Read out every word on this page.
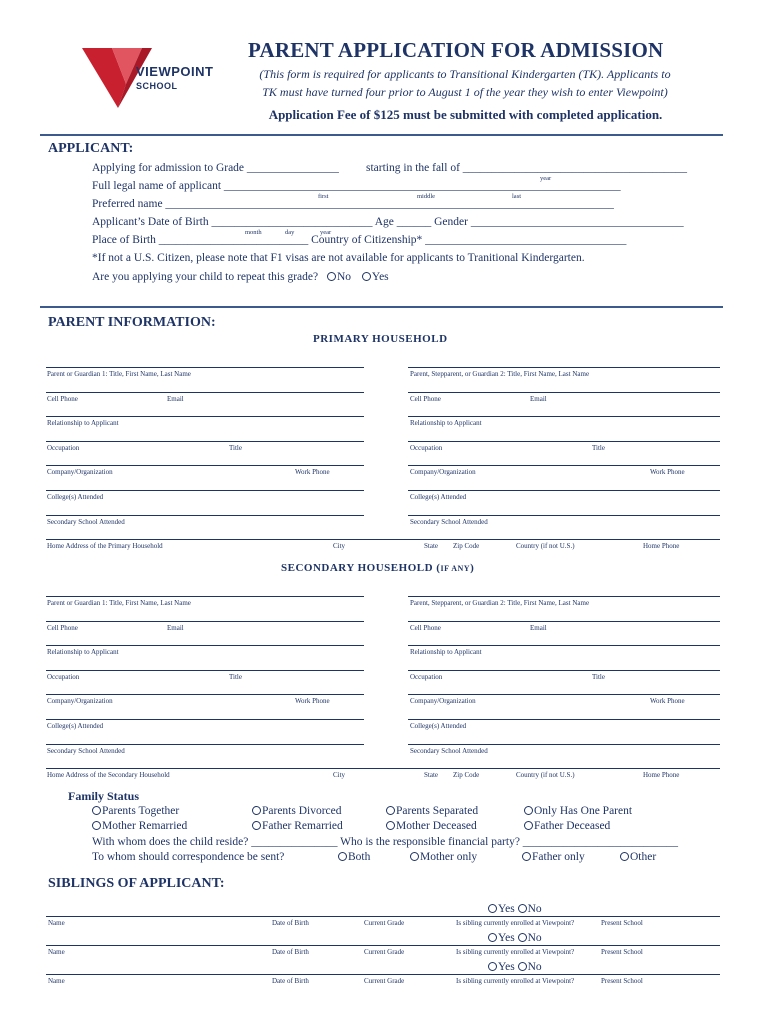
VIEWPOINT
SCHOOL
PARENT APPLICATION FOR ADMISSION
(This form is required for applicants to Transitional Kindergarten (TK). Applicants to
TK must have turned four prior to August 1 of the year they wish to enter Viewpoint)
Application Fee of $125 must be submitted with completed application.
APPLICANT:
Applying for admission to Grade ________________ starting in the fall of _______________________________________
year
Full legal name of applicant _____________________________________________________________________
first	middle	last
Preferred name ______________________________________________________________________________
Applicant’s Date of Birth ____________________________ Age ______ Gender _____________________________________
month	day	year
Place of Birth __________________________ Country of Citizenship* ___________________________________
*If not a U.S. Citizen, please note that F1 visas are not available for applicants to Tranitional Kindergarten.
Are you applying your child to repeat this grade? No Yes
PARENT INFORMATION:
PRIMARY HOUSEHOLD
Parent or Guardian 1: Title, First Name, Last Name	Parent, Stepparent, or Guardian 2: Title, First Name, Last Name
Cell Phone	Email	Cell Phone	Email
Relationship to Applicant	Relationship to Applicant
Occupation	Title	Occupation	Title
Company/Organization	Work Phone	Company/Organization	Work Phone
College(s) Attended	College(s) Attended
Secondary School Attended	Secondary School Attended
Home Address of the Primary Household	City	State Zip Code	Country (if not U.S.)	Home Phone
SECONDARY HOUSEHOLD (IF ANY)
Parent or Guardian 1: Title, First Name, Last Name	Parent, Stepparent, or Guardian 2: Title, First Name, Last Name
Cell Phone	Email	Cell Phone	Email
Relationship to Applicant	Relationship to Applicant
Occupation	Title	Occupation	Title
Company/Organization	Work Phone	Company/Organization	Work Phone
College(s) Attended	College(s) Attended
Secondary School Attended	Secondary School Attended
Home Address of the Secondary Household	City	State Zip Code	Country (if not U.S.)	Home Phone
Family Status
Parents Together	Parents Divorced	Parents Separated	Only Has One Parent
Mother Remarried	Father Remarried	Mother Deceased	Father Deceased
With whom does the child reside? _______________ Who is the responsible financial party? ___________________________
To whom should correspondence be sent?	Both	Mother only	Father only	Other
SIBLINGS OF APPLICANT:
Yes No
Name	Date of Birth	Current Grade	Is sibling currently enrolled at Viewpoint?	Present School
Yes No
Name	Date of Birth	Current Grade	Is sibling currently enrolled at Viewpoint?	Present School
Yes No
Name	Date of Birth	Current Grade	Is sibling currently enrolled at Viewpoint?	Present School
